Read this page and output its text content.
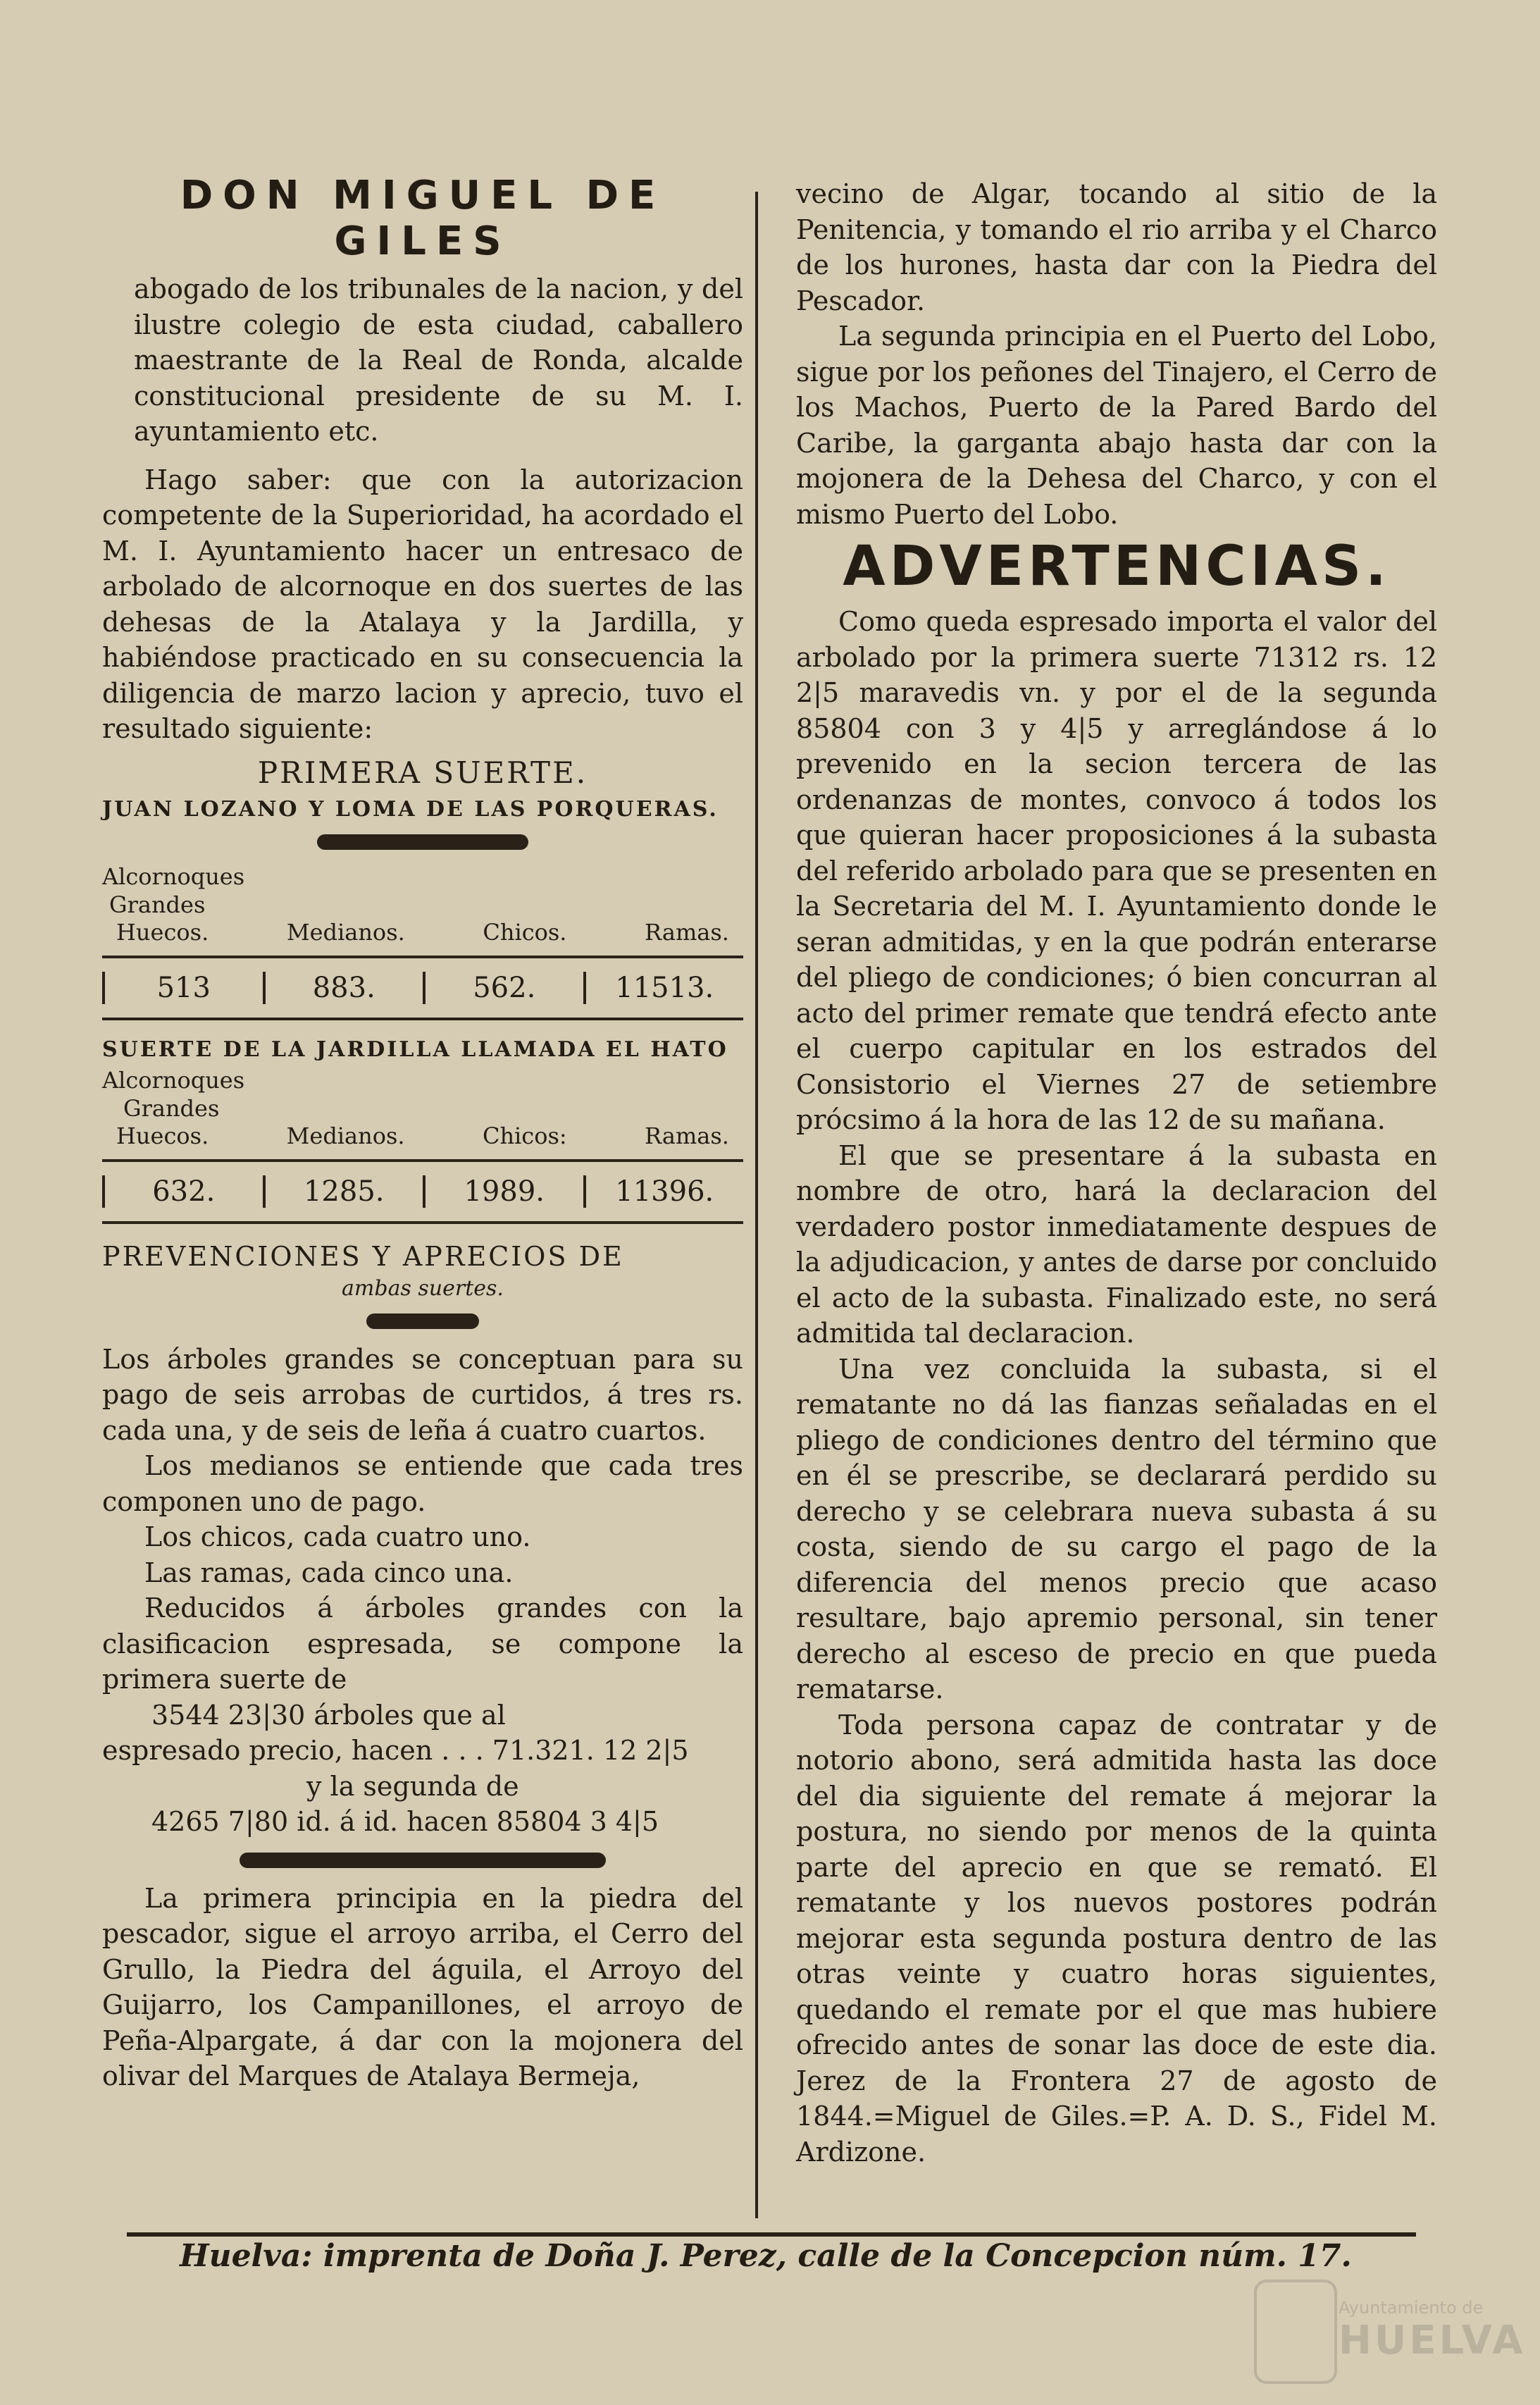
DON MIGUEL DE GILES

abogado de los tribunales de la nacion, y del ilustre colegio de esta ciudad, caballero maestrante de la Real de Ronda, alcalde constitucional presidente de su M. I. ayuntamiento etc.

Hago saber: que con la autorizacion competente de la Superioridad, ha acordado el M. I. Ayuntamiento hacer un entresaco de arbolado de alcornoque en dos suertes de las dehesas de la Atalaya y la Jardilla, y habiéndose practicado en su consecuencia la diligencia de marzo lacion y aprecio, tuvo el resultado siguiente:

PRIMERA SUERTE.
JUAN LOZANO Y LOMA DE LAS PORQUERAS.
Alcornoques
Grandes
Huecos.	Medianos.	Chicos.	Ramas.
513	883.	562.	11513.
SUERTE DE LA JARDILLA LLAMADA EL HATO
Alcornoques
Grandes
Huecos.	Medianos.	Chicos:	Ramas.
632.	1285.	1989.	11396.
PREVENCIONES Y APRECIOS DE
ambas suertes.

Los árboles grandes se conceptuan para su pago de seis arrobas de curtidos, á tres rs. cada una, y de seis de leña á cuatro cuartos.

Los medianos se entiende que cada tres componen uno de pago.

Los chicos, cada cuatro uno.

Las ramas, cada cinco una.

Reducidos á árboles grandes con la clasificacion espresada, se compone la primera suerte de

3544 23|30 árboles que al

espresado precio, hacen . . . 71.321. 12 2|5

y la segunda de

4265 7|80 id. á id. hacen 85804 3 4|5

La primera principia en la piedra del pescador, sigue el arroyo arriba, el Cerro del Grullo, la Piedra del águila, el Arroyo del Guijarro, los Campanillones, el arroyo de Peña-Alpargate, á dar con la mojonera del olivar del Marques de Atalaya Bermeja,

vecino de Algar, tocando al sitio de la Penitencia, y tomando el rio arriba y el Charco de los hurones, hasta dar con la Piedra del Pescador.

La segunda principia en el Puerto del Lobo, sigue por los peñones del Tinajero, el Cerro de los Machos, Puerto de la Pared Bardo del Caribe, la garganta abajo hasta dar con la mojonera de la Dehesa del Charco, y con el mismo Puerto del Lobo.

ADVERTENCIAS.

Como queda espresado importa el valor del arbolado por la primera suerte 71312 rs. 12 2|5 maravedis vn. y por el de la segunda 85804 con 3 y 4|5 y arreglándose á lo prevenido en la secion tercera de las ordenanzas de montes, convoco á todos los que quieran hacer proposiciones á la subasta del referido arbolado para que se presenten en la Secretaria del M. I. Ayuntamiento donde le seran admitidas, y en la que podrán enterarse del pliego de condiciones; ó bien concurran al acto del primer remate que tendrá efecto ante el cuerpo capitular en los estrados del Consistorio el Viernes 27 de setiembre prócsimo á la hora de las 12 de su mañana.

El que se presentare á la subasta en nombre de otro, hará la declaracion del verdadero postor inmediatamente despues de la adjudicacion, y antes de darse por concluido el acto de la subasta. Finalizado este, no será admitida tal declaracion.

Una vez concluida la subasta, si el rematante no dá las fianzas señaladas en el pliego de condiciones dentro del término que en él se prescribe, se declarará perdido su derecho y se celebrara nueva subasta á su costa, siendo de su cargo el pago de la diferencia del menos precio que acaso resultare, bajo apremio personal, sin tener derecho al esceso de precio en que pueda rematarse.

Toda persona capaz de contratar y de notorio abono, será admitida hasta las doce del dia siguiente del remate á mejorar la postura, no siendo por menos de la quinta parte del aprecio en que se remató. El rematante y los nuevos postores podrán mejorar esta segunda postura dentro de las otras veinte y cuatro horas siguientes, quedando el remate por el que mas hubiere ofrecido antes de sonar las doce de este dia. Jerez de la Frontera 27 de agosto de 1844.=Miguel de Giles.=P. A. D. S., Fidel M. Ardizone.

Huelva: imprenta de Doña J. Perez, calle de la Concepcion núm. 17.
Ayuntamiento de
HUELVA
